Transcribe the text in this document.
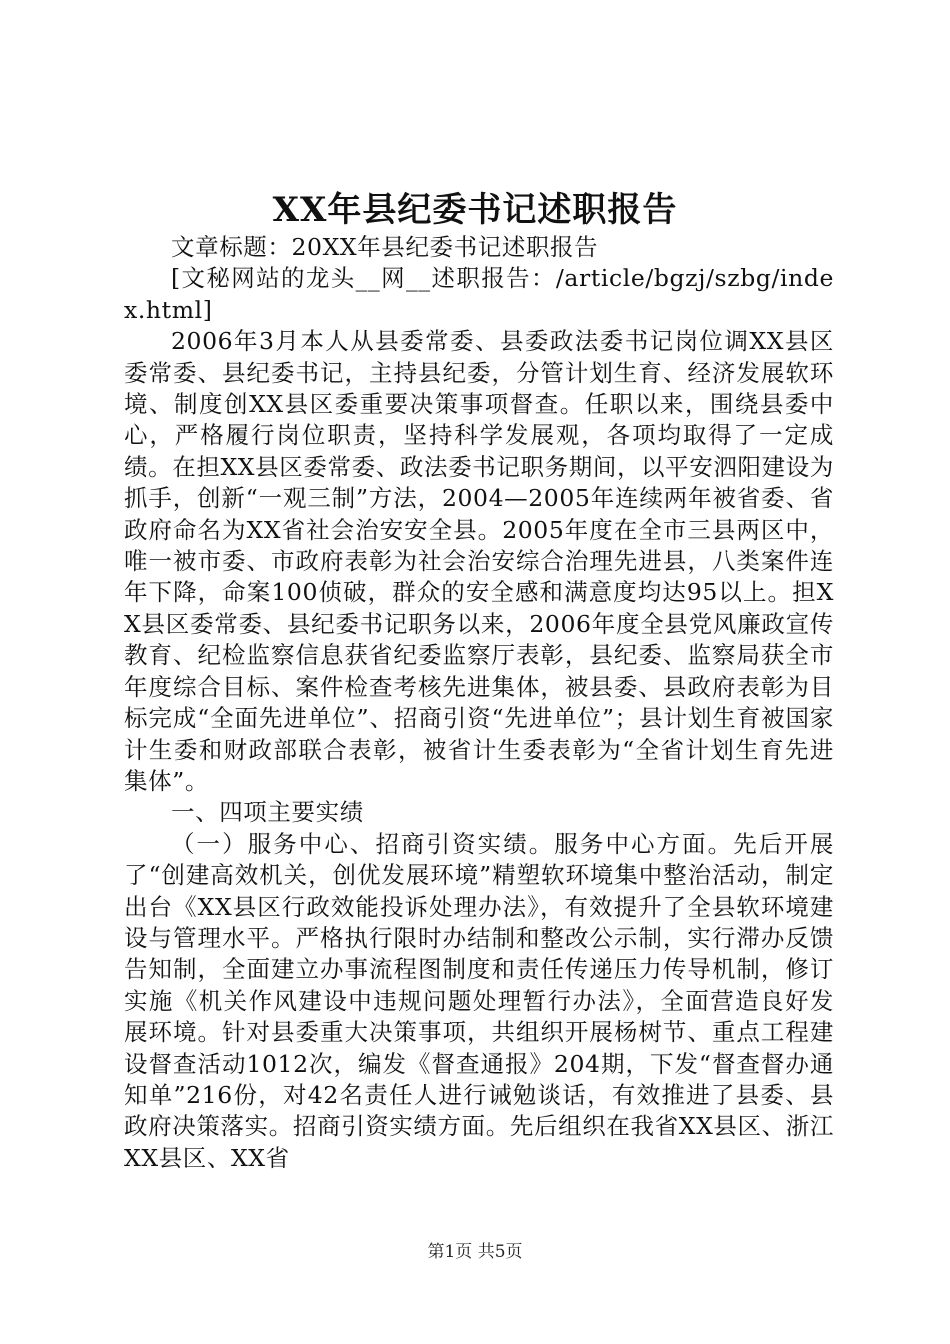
XX年县纪委书记述职报告

文章标题：20XX年县纪委书记述职报告

[文秘网站的龙头__网__述职报告：/article/bgzj/szbg/index.html]

2006年3月本人从县委常委、县委政法委书记岗位调XX县区委常委、县纪委书记，主持县纪委，分管计划生育、经济发展软环境、制度创XX县区委重要决策事项督查。任职以来，围绕县委中心，严格履行岗位职责，坚持科学发展观，各项均取得了一定成绩。在担XX县区委常委、政法委书记职务期间，以平安泗阳建设为抓手，创新“一观三制”方法，2004—2005年连续两年被省委、省政府命名为XX省社会治安安全县。2005年度在全市三县两区中，唯一被市委、市政府表彰为社会治安综合治理先进县，八类案件连年下降，命案100侦破，群众的安全感和满意度均达95以上。担XX县区委常委、县纪委书记职务以来，2006年度全县党风廉政宣传教育、纪检监察信息获省纪委监察厅表彰，县纪委、监察局获全市年度综合目标、案件检查考核先进集体，被县委、县政府表彰为目标完成“全面先进单位”、招商引资“先进单位”；县计划生育被国家计生委和财政部联合表彰，被省计生委表彰为“全省计划生育先进集体”。

一、四项主要实绩

（一）服务中心、招商引资实绩。服务中心方面。先后开展了“创建高效机关，创优发展环境”精塑软环境集中整治活动，制定出台《XX县区行政效能投诉处理办法》，有效提升了全县软环境建设与管理水平。严格执行限时办结制和整改公示制，实行滞办反馈告知制，全面建立办事流程图制度和责任传递压力传导机制，修订实施《机关作风建设中违规问题处理暂行办法》，全面营造良好发展环境。针对县委重大决策事项，共组织开展杨树节、重点工程建设督查活动1012次，编发《督查通报》204期，下发“督查督办通知单”216份，对42名责任人进行诫勉谈话，有效推进了县委、县政府决策落实。招商引资实绩方面。先后组织在我省XX县区、浙江XX县区、XX省

第1页 共5页
